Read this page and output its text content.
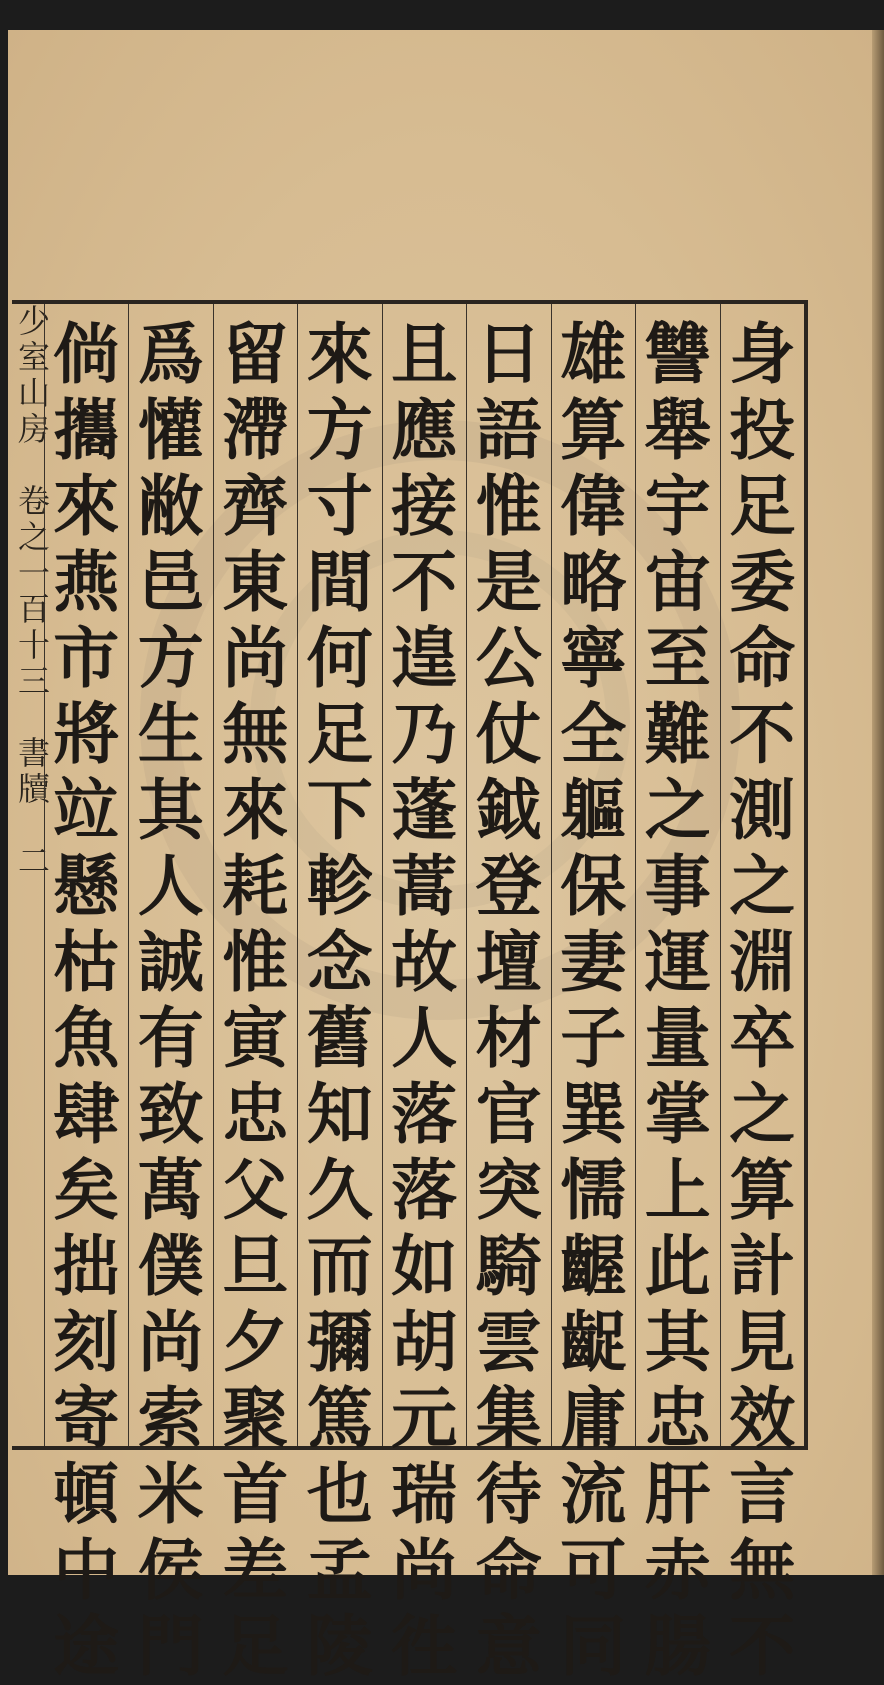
少室山房　卷之一百十三　書牘　二	身
投
足
委
命
不
測
之
淵
卒
之
算
計
見
效
言
無
不
讐
舉
宇
宙
至
難
之
事
運
量
掌
上
此
其
忠
肝
赤
腸
雄
算
偉
略
寧
全
軀
保
妻
子
巽
懦
齷
齪
庸
流
可
同
日
語
惟
是
公
仗
鉞
登
壇
材
官
突
騎
雲
集
待
命
意
且
應
接
不
遑
乃
蓬
蒿
故
人
落
落
如
胡
元
瑞
尚
徃
來
方
寸
間
何
足
下
軫
念
舊
知
久
而
彌
篤
也
孟
陵
留
滯
齊
東
尚
無
來
耗
惟
寅
忠
父
旦
夕
聚
首
差
足
爲
懽
敝
邑
方
生
其
人
誠
有
致
萬
僕
尚
索
米
侯
門
倘
攜
來
燕
市
將
竝
懸
枯
魚
肆
矣
拙
刻
寄
頓
中
途
